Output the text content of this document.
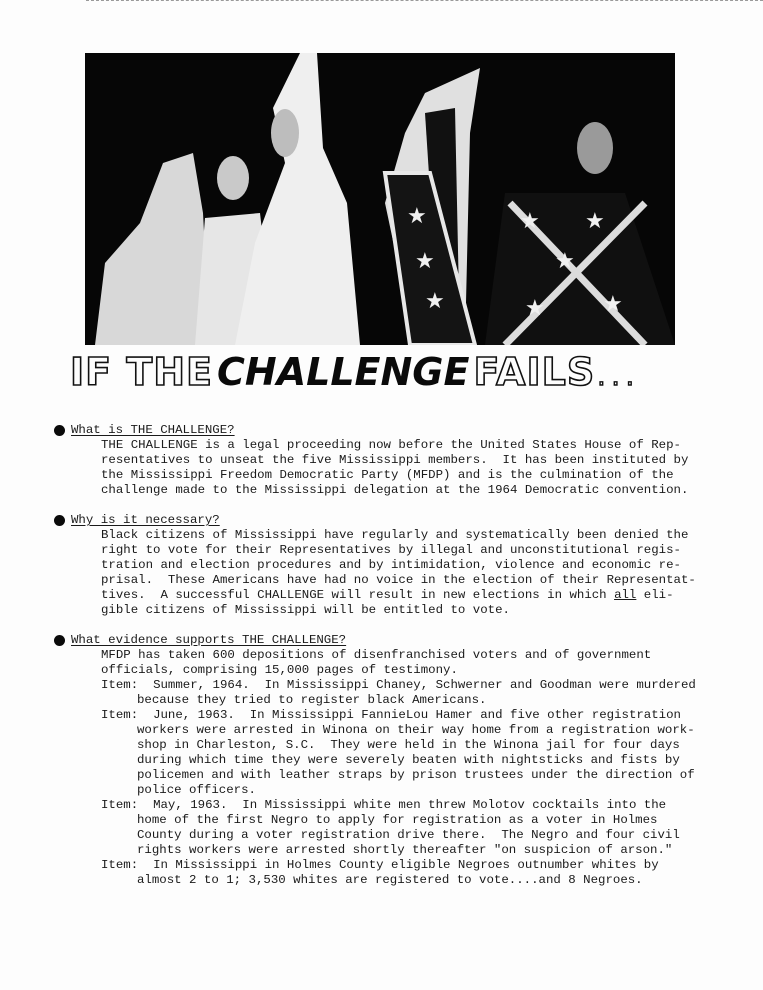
★
★
★
★ ★
★
★	★
IF THE CHALLENGE FAILS...
What is THE CHALLENGE?
THE CHALLENGE is a legal proceeding now before the United States House of Rep-
resentatives to unseat the five Mississippi members.  It has been instituted by
the Mississippi Freedom Democratic Party (MFDP) and is the culmination of the
challenge made to the Mississippi delegation at the 1964 Democratic convention.
Why is it necessary?
Black citizens of Mississippi have regularly and systematically been denied the
right to vote for their Representatives by illegal and unconstitutional regis-
tration and election procedures and by intimidation, violence and economic re-
prisal.  These Americans have had no voice in the election of their Representat-
tives.  A successful CHALLENGE will result in new elections in which all eli-
gible citizens of Mississippi will be entitled to vote.
What evidence supports THE CHALLENGE?
MFDP has taken 600 depositions of disenfranchised voters and of government
officials, comprising 15,000 pages of testimony.
Item: Summer, 1964.  In Mississippi Chaney, Schwerner and Goodman were murdered
because they tried to register black Americans.
Item: June, 1963.  In Mississippi FannieLou Hamer and five other registration
workers were arrested in Winona on their way home from a registration work-
shop in Charleston, S.C.  They were held in the Winona jail for four days
during which time they were severely beaten with nightsticks and fists by
policemen and with leather straps by prison trustees under the direction of
police officers.
Item: May, 1963.  In Mississippi white men threw Molotov cocktails into the
home of the first Negro to apply for registration as a voter in Holmes
County during a voter registration drive there.  The Negro and four civil
rights workers were arrested shortly thereafter "on suspicion of arson."
Item: In Mississippi in Holmes County eligible Negroes outnumber whites by
almost 2 to 1; 3,530 whites are registered to vote....and 8 Negroes.
